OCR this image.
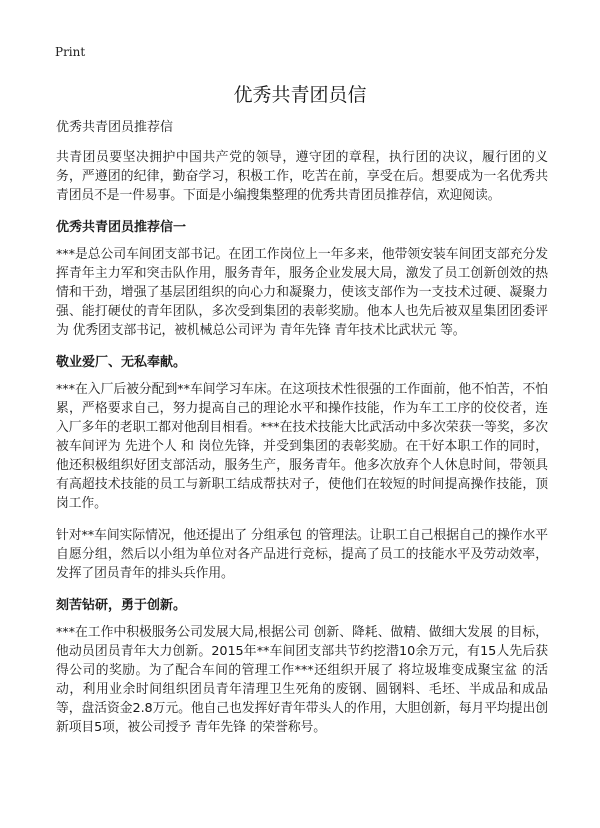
Print
优秀共青团员信
优秀共青团员推荐信

共青团员要坚决拥护中国共产党的领导，遵守团的章程，执行团的决议，履行团的义务，严遵团的纪律，勤奋学习，积极工作，吃苦在前，享受在后。想要成为一名优秀共青团员不是一件易事。下面是小编搜集整理的优秀共青团员推荐信，欢迎阅读。

优秀共青团员推荐信一

***是总公司车间团支部书记。在团工作岗位上一年多来，他带领安装车间团支部充分发挥青年主力军和突击队作用，服务青年，服务企业发展大局，激发了员工创新创效的热情和干劲，增强了基层团组织的向心力和凝聚力，使该支部作为一支技术过硬、凝聚力强、能打硬仗的青年团队，多次受到集团的表彰奖励。他本人也先后被双星集团团委评为 优秀团支部书记，被机械总公司评为 青年先锋 青年技术比武状元 等。

敬业爱厂、无私奉献。

***在入厂后被分配到**车间学习车床。在这项技术性很强的工作面前，他不怕苦，不怕累，严格要求自己，努力提高自己的理论水平和操作技能，作为车工工序的佼佼者，连入厂多年的老职工都对他刮目相看。***在技术技能大比武活动中多次荣获一等奖，多次被车间评为 先进个人 和 岗位先锋，并受到集团的表彰奖励。在干好本职工作的同时，他还积极组织好团支部活动，服务生产，服务青年。他多次放弃个人休息时间，带领具有高超技术技能的员工与新职工结成帮扶对子，使他们在较短的时间提高操作技能，顶岗工作。

针对**车间实际情况，他还提出了 分组承包 的管理法。让职工自己根据自己的操作水平自愿分组，然后以小组为单位对各产品进行竞标，提高了员工的技能水平及劳动效率，发挥了团员青年的排头兵作用。

刻苦钻研，勇于创新。

***在工作中积极服务公司发展大局,根据公司 创新、降耗、做精、做细大发展 的目标，他动员团员青年大力创新。2015年**车间团支部共节约挖潜10余万元，有15人先后获得公司的奖励。为了配合车间的管理工作***还组织开展了 将垃圾堆变成聚宝盆 的活动，利用业余时间组织团员青年清理卫生死角的废钢、圆钢料、毛坯、半成品和成品等，盘活资金2.8万元。他自己也发挥好青年带头人的作用，大胆创新，每月平均提出创新项目5项，被公司授予 青年先锋 的荣誉称号。
